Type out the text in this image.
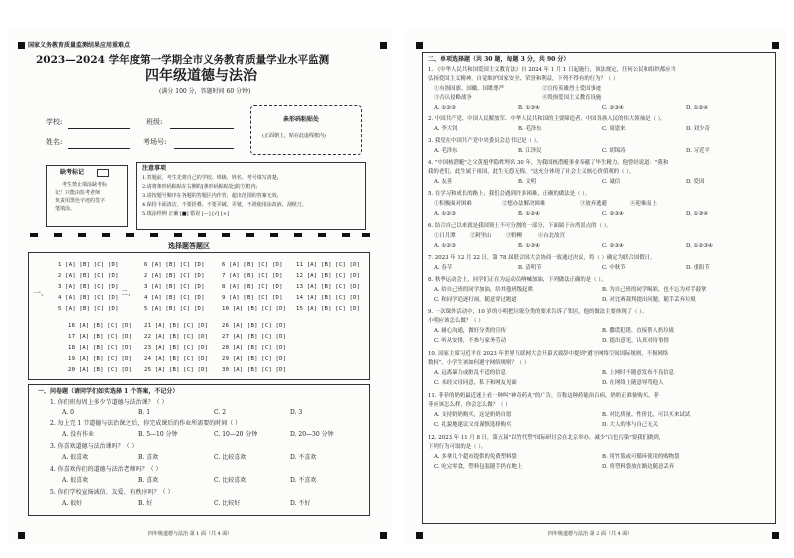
国家义务教育质量监测结果应用重难点
2023—2024 学年度第一学期全市义务教育质量学业水平监测
四年级道德与法治
(满分 100 分，答题时间 60 分钟)
学校:	班级:
姓名:	考场号:
条形码粘贴处
(正面朝上，贴在此虚线框内)
缺考标记
考生禁止填涂缺考标
记！只能由监考老师
负责用黑色字迹的签字
笔填涂。
注意事项
1.答题前，考生先将自己的学校、班级、姓名、考号填写清楚;
2.请将条形码粘贴在右侧的[条形码粘贴处]的方框内;
3.请按题号顺序在各题的答题区内作答，超出范围的答案无效;
4.保持卡面清洁，不要折叠、不要弄破、弄皱，不准使用涂改液、刮纸刀。
5.填涂样例 正确 [■] 错误 [—] [√] [×]
选择题答题区
一、	二、
1 [A] [B] [C] [D]	6 [A] [B] [C] [D]	6 [A] [B] [C] [D] 11 [A] [B] [C] [D]
2 [A] [B] [C] [D]	2 [A] [B] [C] [D]	7 [A] [B] [C] [D] 12 [A] [B] [C] [D]
3 [A] [B] [C] [D]	3 [A] [B] [C] [D]	8 [A] [B] [C] [D] 13 [A] [B] [C] [D]
4 [A] [B] [C] [D]	4 [A] [B] [C] [D]	9 [A] [B] [C] [D] 14 [A] [B] [C] [D]
5 [A] [B] [C] [D]	5 [A] [B] [C] [D]	10 [A] [B] [C] [D] 15 [A] [B] [C] [D]
16 [A] [B] [C] [D] 21 [A] [B] [C] [D] 26 [A] [B] [C] [D]
17 [A] [B] [C] [D] 22 [A] [B] [C] [D] 27 [A] [B] [C] [D]
18 [A] [B] [C] [D] 23 [A] [B] [C] [D] 28 [A] [B] [C] [D]
19 [A] [B] [C] [D] 24 [A] [B] [C] [D] 29 [A] [B] [C] [D]
20 [A] [B] [C] [D] 25 [A] [B] [C] [D] 30 [A] [B] [C] [D]
一、问卷题（请同学们如实选择 1 个答案，不记分）
1. 你们班每周上多少节道德与法治课？（ ）
A. 0	B. 1	C. 2	D. 3
2. 每上完 1 节道德与法治课之后，你完成课后的作业所需要的时间（ ）
A. 没有作业	B. 5—10 分钟	C. 10—20 分钟	D. 20—30 分钟
3. 你喜欢道德与法治课吗？（ ）
A. 很喜欢	B. 喜欢	C. 比较喜欢	D. 不喜欢
4. 你喜欢你们的道德与法治老师吗？（ ）
A. 很喜欢	B. 喜欢	C. 比较喜欢	D. 不喜欢
5. 你们学校宣扬诚信、友爱、有秩序吗？（ ）
A. 很好	B. 好	C. 比较好	D. 不好
四年级道德与法治 第 1 面（共 4 面）
二、单项选择题（共 30 题，每题 3 分，共 90 分）
1. 《中华人民共和国爱国主义教育法》自 2024 年 1 月 1 日起施行，该法规定，任何公民和组织都应当
弘扬爱国主义精神，自觉维护国家安全、荣誉和利益，下列不得有的行为？（ ）
①有损国旗、国徽、国歌尊严	②宣传英雄烈士爱国事迹
③否认侵略战争	④毁损爱国主义教育设施
A. ①②③	B. ①③④	C. ②③④	D. ①②④
2. 中国共产党、中国人民解放军、中华人民共和国的主要缔造者，中国各族人民的伟大领袖是（ ）。
A. 李大钊	B. 毛泽东	C. 周恩来	D. 刘少奇
3. 我党在中国共产党中央委员会总书记是（ ）。
A. 毛泽东	B. 江泽民	C. 胡锦涛	D. 习近平
4. "中国核潜艇"之父黄旭华隐姓埋名 30 年，为我国核潜艇事业奉献了毕生精力。他曾经说道："我和
我的老们，此生属于祖国，此生无怨无悔。"这充分体现了社会主义核心价值观的（ ）。
A. 友善	B. 文明	C. 诚信	D. 爱国
5. 在学习和成长的路上，我们会遇到许多困难，正确的做法是（ ）。
①积极面对困难	②想办法解决困难	③放弃逃避	④迎难而上
A. ①②③	B. ①②④	C. ②③④	D. ①③④
6. 结合自己以来就是我国领土不可分割的一部分，下面属于台湾景点的（ ）。
①日月潭	②阿里山	③野柳	④台北故宫
A. ①②③	B. ①③④	C. ②③④	D. ①②③④
7. 2023 年 12 月 22 日，第 78 届联合国大会协商一致通过决议，将（ ）确定为联合国假日。
A. 春节	B. 清明节	C. 中秋节	D. 重阳节
8. 秋季运动会上，同学们正在为运动员呐喊加油，下列做法正确的是（ ）。
A. 给自己班的同学加油，给其他班级起哄	B. 为自己班的同学喝彩，也不忘为对手鼓掌
C. 和同学追逐打闹，随意穿过跑道	D. 对比赛裁判提出问题，随手丢弃垃圾
9. 一次课外活动中，10 岁的小明把垃圾分类的要求告诉了邻居，他的做法主要体现了（ ）。
小明应该怎么做？（ ）
A. 耐心沟通，做好分类的宣传	B. 撒谎犯错，直接帮人扔垃圾
C. 听从安排，不参与家务劳动	D. 提出意见，认真对待事情
10. 国家主席习近平在 2023 年世界互联网大会开幕式致辞中提到"遵守网络空间国际规则，不损网络
数权"。小学生该如何遵守网络规则？（ ）
A. 远离暴力或脏乱不适的信息	B. 上网时不随意发布不良信息
C. 未经父母同意，私下和网友见面	D. 在网络上随意辱骂他人
11. 菲菲的奶奶最近迷上看一种叫"神奇药丸"的广告，宣称这种药能治百病，奶奶正准备购买，菲
菲应该怎么样，你会怎么做？（ ）
A. 支持奶奶购买，这是奶奶自愿	B. 对比质量、性价比，可以买来试试
C. 礼貌地建议父母谨慎选择购买	D. 大人的事与自己无关
12. 2023 年 11 月 8 日，第五届"以竹代塑"国际研讨会在北京举办，减少"白色污染"要我们做到，
下列行为可取的是（ ）。
A. 多拿几个超市提供的免费塑料袋	B. 用竹篮或可循环使用的购物袋
C. 吃完零食，塑料包装随手扔在地上	D. 将塑料袋放在路边随意丢弃
四年级道德与法治 第 2 面（共 4 面）
